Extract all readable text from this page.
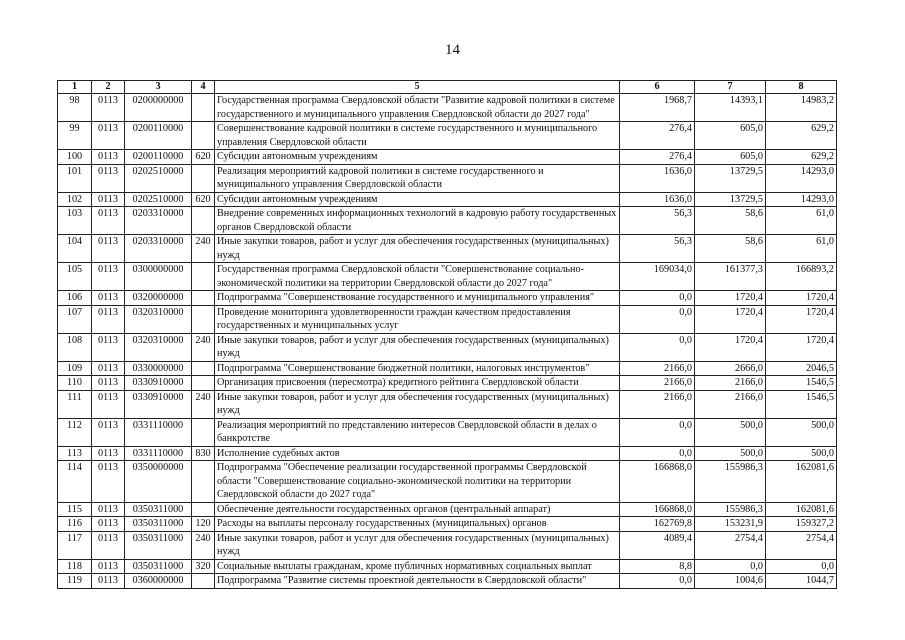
14
1	2	3	4	5	6	7	8
98	0113	0200000000		Государственная программа Свердловской области "Развитие кадровой политики в системе государственного и муниципального управления Свердловской области до 2027 года"	1968,7	14393,1	14983,2
99	0113	0200110000		Совершенствование кадровой политики в системе государственного и муниципального управления Свердловской области	276,4	605,0	629,2
100	0113	0200110000	620	Субсидии автономным учреждениям	276,4	605,0	629,2
101	0113	0202510000		Реализация мероприятий кадровой политики в системе государственного и муниципального управления Свердловской области	1636,0	13729,5	14293,0
102	0113	0202510000	620	Субсидии автономным учреждениям	1636,0	13729,5	14293,0
103	0113	0203310000		Внедрение современных информационных технологий в кадровую работу государственных органов Свердловской области	56,3	58,6	61,0
104	0113	0203310000	240	Иные закупки товаров, работ и услуг для обеспечения государственных (муниципальных) нужд	56,3	58,6	61,0
105	0113	0300000000		Государственная программа Свердловской области "Совершенствование социально-экономической политики на территории Свердловской области до 2027 года"	169034,0	161377,3	166893,2
106	0113	0320000000		Подпрограмма "Совершенствование государственного и муниципального управления"	0,0	1720,4	1720,4
107	0113	0320310000		Проведение мониторинга удовлетворенности граждан качеством предоставления государственных и муниципальных услуг	0,0	1720,4	1720,4
108	0113	0320310000	240	Иные закупки товаров, работ и услуг для обеспечения государственных (муниципальных) нужд	0,0	1720,4	1720,4
109	0113	0330000000		Подпрограмма "Совершенствование бюджетной политики, налоговых инструментов"	2166,0	2666,0	2046,5
110	0113	0330910000		Организация присвоения (пересмотра) кредитного рейтинга Свердловской области	2166,0	2166,0	1546,5
111	0113	0330910000	240	Иные закупки товаров, работ и услуг для обеспечения государственных (муниципальных) нужд	2166,0	2166,0	1546,5
112	0113	0331110000		Реализация мероприятий по представлению интересов Свердловской области в делах о банкротстве	0,0	500,0	500,0
113	0113	0331110000	830	Исполнение судебных актов	0,0	500,0	500,0
114	0113	0350000000		Подпрограмма "Обеспечение реализации государственной программы Свердловской области "Совершенствование социально-экономической политики на территории Свердловской области до 2027 года"	166868,0	155986,3	162081,6
115	0113	0350311000		Обеспечение деятельности государственных органов (центральный аппарат)	166868,0	155986,3	162081,6
116	0113	0350311000	120	Расходы на выплаты персоналу государственных (муниципальных) органов	162769,8	153231,9	159327,2
117	0113	0350311000	240	Иные закупки товаров, работ и услуг для обеспечения государственных (муниципальных) нужд	4089,4	2754,4	2754,4
118	0113	0350311000	320	Социальные выплаты гражданам, кроме публичных нормативных социальных выплат	8,8	0,0	0,0
119	0113	0360000000		Подпрограмма "Развитие системы проектной деятельности в Свердловской области"	0,0	1004,6	1044,7
